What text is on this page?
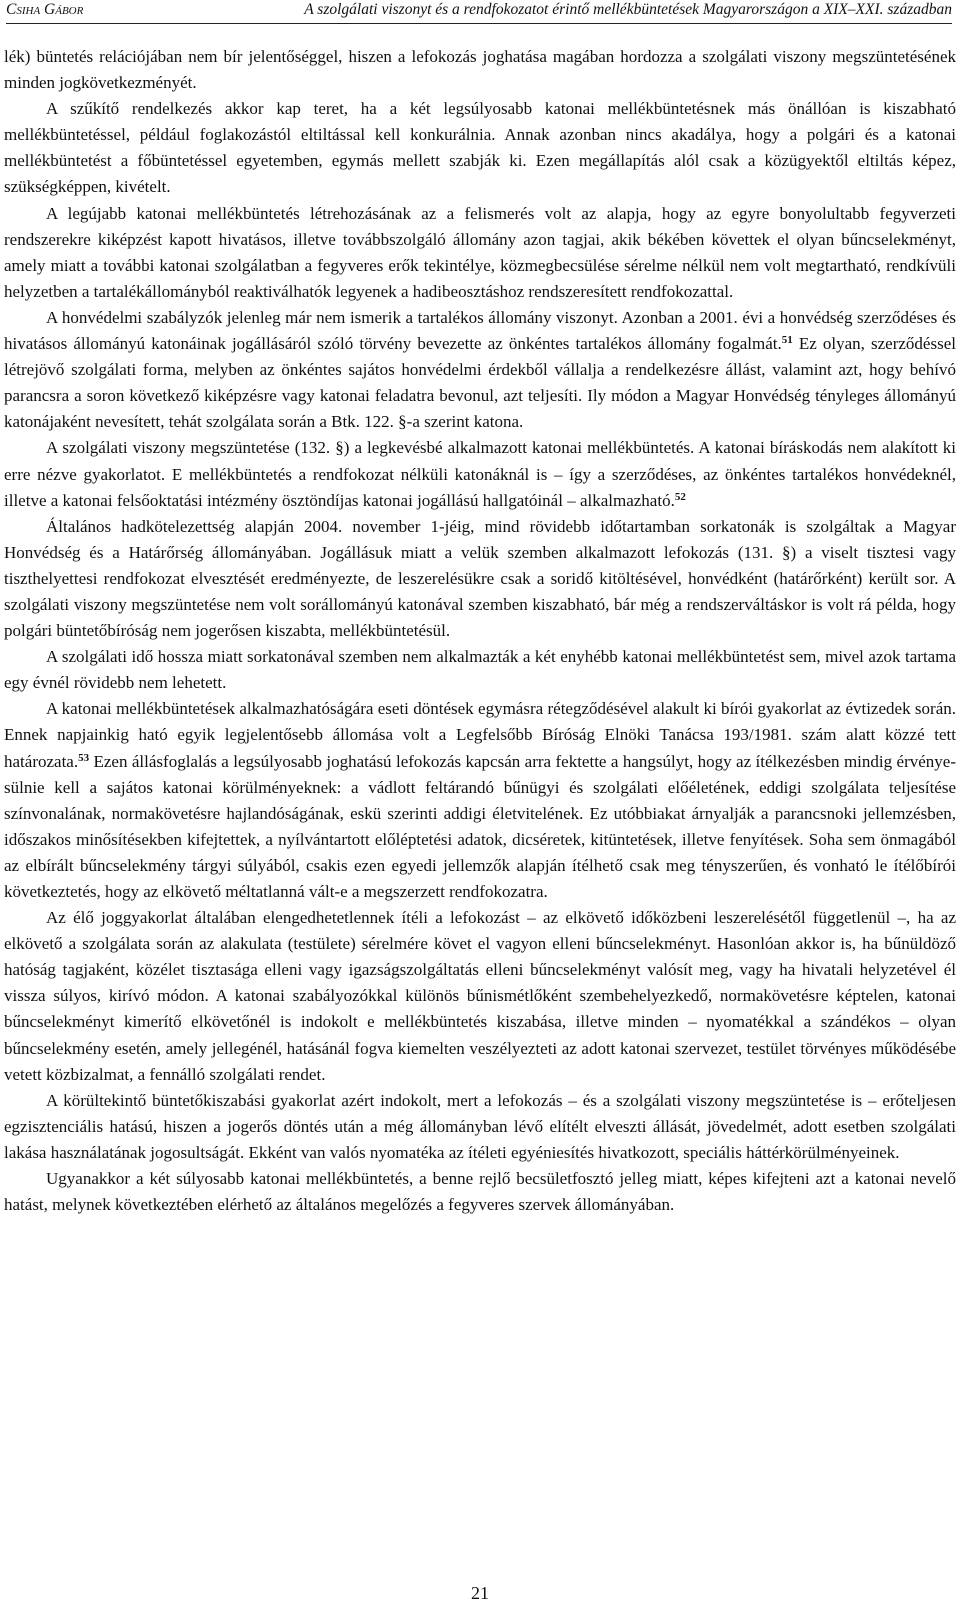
Csiha Gábor	A szolgálati viszonyt és a rendfokozatot érintő mellékbüntetések Magyarországon a XIX–XXI. században

lék) büntetés relációjában nem bír jelentőséggel, hiszen a lefokozás joghatása magában hordozza a szolgálati viszony megszüntetésének minden jogkövetkezményét.

A szűkítő rendelkezés akkor kap teret, ha a két legsúlyosabb katonai mellékbüntetésnek más önállóan is kiszabható mellékbüntetéssel, például foglakozástól eltiltással kell konkurálnia. Annak azonban nincs akadálya, hogy a polgári és a katonai mellékbüntetést a főbüntetéssel egyetemben, egymás mellett szabják ki. Ezen megállapítás alól csak a közügyektől eltiltás képez, szükségképpen, kivételt.

A legújabb katonai mellékbüntetés létrehozásának az a felismerés volt az alapja, hogy az egyre bonyolultabb fegyverzeti rendszerekre kiképzést kapott hivatásos, illetve továbbszolgáló állomány azon tagjai, akik békében követtek el olyan bűncselekményt, amely miatt a további katonai szolgálatban a fegyveres erők tekintélye, közmegbecsülése sérelme nélkül nem volt megtartható, rendkívüli helyzetben a tartalékállományból reaktiválhatók legyenek a hadibeosztáshoz rendszeresített rendfokozattal.

A honvédelmi szabályzók jelenleg már nem ismerik a tartalékos állomány viszonyt. Azonban a 2001. évi a honvédség szerződéses és hivatásos állományú katonáinak jogállásáról szóló törvény bevezette az önkéntes tartalékos állomány fogalmát.$^{51}$ Ez olyan, szerződéssel létrejövő szolgálati forma, melyben az önkéntes sajátos honvédelmi érdekből vállalja a rendelkezésre állást, valamint azt, hogy behívó parancsra a soron következő kiképzésre vagy katonai feladatra bevonul, azt teljesíti. Ily módon a Magyar Honvédség tényleges állományú katonájaként nevesített, tehát szolgálata során a Btk. 122. §-a szerint katona.

A szolgálati viszony megszüntetése (132. §) a legkevésbé alkalmazott katonai mellékbüntetés. A katonai bíráskodás nem alakított ki erre nézve gyakorlatot. E mellékbüntetés a rendfokozat nélküli katonáknál is – így a szerződéses, az önkéntes tartalékos honvédeknél, illetve a katonai felsőoktatási intézmény ösztöndíjas katonai jogállású hallgatóinál – alkalmazható.$^{52}$

Általános hadkötelezettség alapján 2004. november 1-jéig, mind rövidebb időtartamban sorkatonák is szolgáltak a Magyar Honvédség és a Határőrség állományában. Jogállásuk miatt a velük szemben alkalmazott lefokozás (131. §) a viselt tisztesi vagy tiszthelyettesi rendfokozat elvesztését eredményezte, de leszerelésükre csak a soridő kitöltésével, honvédként (határőrként) került sor. A szolgálati viszony megszüntetése nem volt sorállományú katonával szemben kiszabható, bár még a rendszerváltáskor is volt rá példa, hogy polgári büntetőbíróság nem jogerősen kiszabta, mellékbüntetésül.

A szolgálati idő hossza miatt sorkatonával szemben nem alkalmazták a két enyhébb katonai mellékbüntetést sem, mivel azok tartama egy évnél rövidebb nem lehetett.

A katonai mellékbüntetések alkalmazhatóságára eseti döntések egymásra rétegződésével alakult ki bírói gyakorlat az évtizedek során. Ennek napjainkig ható egyik legjelentősebb állomása volt a Legfelsőbb Bíróság Elnöki Tanácsa 193/1981. szám alatt közzé tett határozata.$^{53}$ Ezen állásfoglalás a legsúlyosabb joghatású lefokozás kapcsán arra fektette a hangsúlyt, hogy az ítélkezésben mindig érvényesülnie kell a sajátos katonai körülményeknek: a vádlott feltárandó bűnügyi és szolgálati előéletének, eddigi szolgálata teljesítése színvonalának, normakövetésre hajlandóságának, eskü szerinti addigi életvitelének. Ez utóbbiakat árnyalják a parancsnoki jellemzésben, időszakos minősítésekben kifejtettek, a nyílvántartott előléptetési adatok, dicséretek, kitüntetések, illetve fenyítések. Soha sem önmagából az elbírált bűncselekmény tárgyi súlyából, csakis ezen egyedi jellemzők alapján ítélhető csak meg tényszerűen, és vonható le ítélőbírói következtetés, hogy az elkövető méltatlanná vált-e a megszerzett rendfokozatra.

Az élő joggyakorlat általában elengedhetetlennek ítéli a lefokozást – az elkövető időközbeni leszerelésétől függetlenül –, ha az elkövető a szolgálata során az alakulata (testülete) sérelmére követ el vagyon elleni bűncselekményt. Hasonlóan akkor is, ha bűnüldöző hatóság tagjaként, közélet tisztasága elleni vagy igazságszolgáltatás elleni bűncselekményt valósít meg, vagy ha hivatali helyzetével él vissza súlyos, kirívó módon. A katonai szabályozókkal különös bűnismétlőként szembehelyezkedő, normakövetésre képtelen, katonai bűncselekményt kimerítő elkövetőnél is indokolt e mellékbüntetés kiszabása, illetve minden – nyomatékkal a szándékos – olyan bűncselekmény esetén, amely jellegénél, hatásánál fogva kiemelten veszélyezteti az adott katonai szervezet, testület törvényes működésébe vetett közbizalmat, a fennálló szolgálati rendet.

A körültekintő büntetőkiszabási gyakorlat azért indokolt, mert a lefokozás – és a szolgálati viszony megszüntetése is – erőteljesen egzisztenciális hatású, hiszen a jogerős döntés után a még állományban lévő elítélt elveszti állását, jövedelmét, adott esetben szolgálati lakása használatának jogosultságát. Ekként van valós nyomatéka az ítéleti egyéniesítés hivatkozott, speciális háttérkörülményeinek.

Ugyanakkor a két súlyosabb katonai mellékbüntetés, a benne rejlő becsületfosztó jelleg miatt, képes kifejteni azt a katonai nevelő hatást, melynek következtében elérhető az általános megelőzés a fegyveres szervek állományában.

21
